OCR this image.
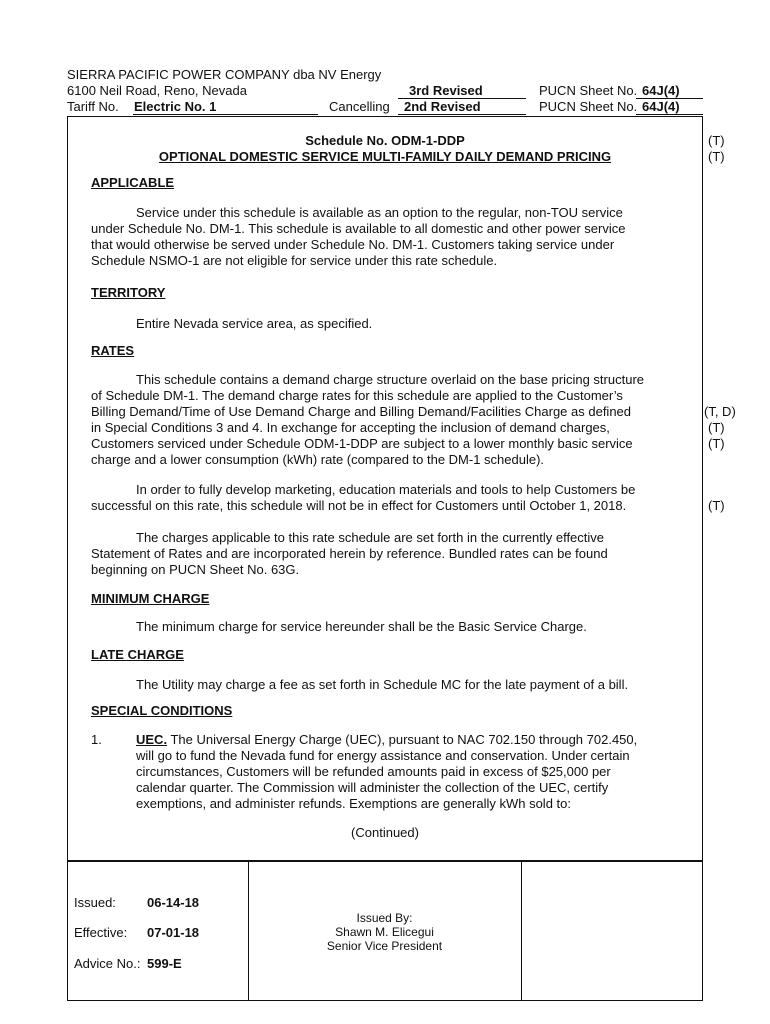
SIERRA PACIFIC POWER COMPANY dba NV Energy
6100 Neil Road, Reno, Nevada
Tariff No. Electric No. 1
3rd Revised
Cancelling 2nd Revised
PUCN Sheet No. 64J(4)
PUCN Sheet No. 64J(4)
Schedule No. ODM-1-DDP
OPTIONAL DOMESTIC SERVICE MULTI-FAMILY DAILY DEMAND PRICING
(T)
(T)
APPLICABLE
Service under this schedule is available as an option to the regular, non-TOU service
under Schedule No. DM-1. This schedule is available to all domestic and other power service
that would otherwise be served under Schedule No. DM-1. Customers taking service under
Schedule NSMO-1 are not eligible for service under this rate schedule.
TERRITORY
Entire Nevada service area, as specified.
RATES
This schedule contains a demand charge structure overlaid on the base pricing structure
of Schedule DM-1. The demand charge rates for this schedule are applied to the Customer’s
Billing Demand/Time of Use Demand Charge and Billing Demand/Facilities Charge as defined
in Special Conditions 3 and 4. In exchange for accepting the inclusion of demand charges,
Customers serviced under Schedule ODM-1-DDP are subject to a lower monthly basic service
charge and a lower consumption (kWh) rate (compared to the DM-1 schedule).
(T, D)
(T)
(T)
In order to fully develop marketing, education materials and tools to help Customers be
successful on this rate, this schedule will not be in effect for Customers until October 1, 2018.	(T)
The charges applicable to this rate schedule are set forth in the currently effective
Statement of Rates and are incorporated herein by reference. Bundled rates can be found
beginning on PUCN Sheet No. 63G.
MINIMUM CHARGE
The minimum charge for service hereunder shall be the Basic Service Charge.
LATE CHARGE
The Utility may charge a fee as set forth in Schedule MC for the late payment of a bill.
SPECIAL CONDITIONS
1.	UEC. The Universal Energy Charge (UEC), pursuant to NAC 702.150 through 702.450,
will go to fund the Nevada fund for energy assistance and conservation. Under certain
circumstances, Customers will be refunded amounts paid in excess of $25,000 per
calendar quarter. The Commission will administer the collection of the UEC, certify
exemptions, and administer refunds. Exemptions are generally kWh sold to:
(Continued)
Issued: 06-14-18
Effective: 07-01-18
Advice No.: 599-E
Issued By:
Shawn M. Elicegui
Senior Vice President
